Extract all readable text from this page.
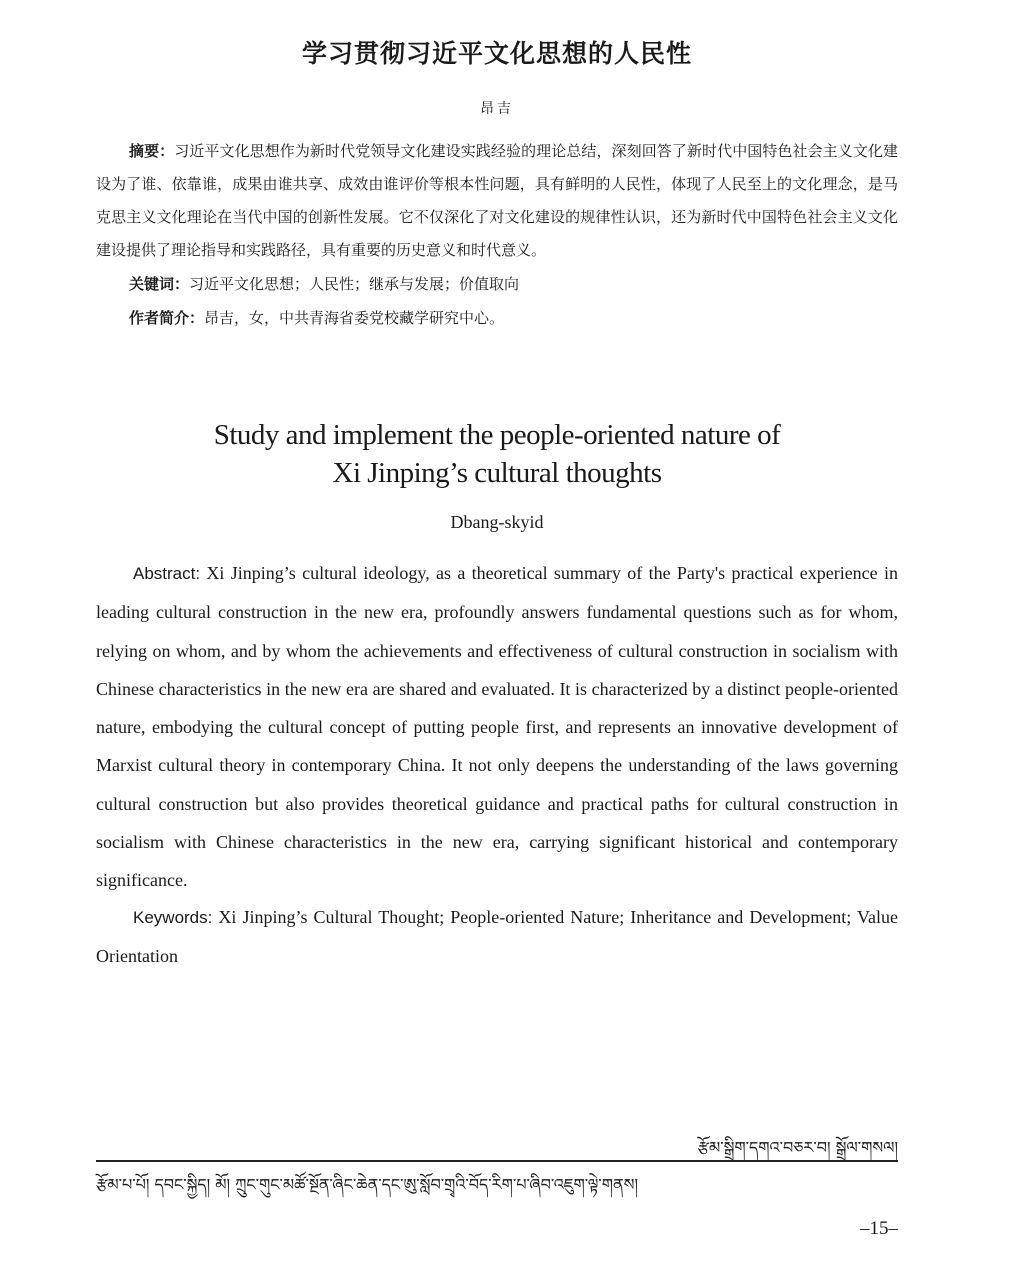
学习贯彻习近平文化思想的人民性
昂吉
摘要：习近平文化思想作为新时代党领导文化建设实践经验的理论总结，深刻回答了新时代中国特色社会主义文化建设为了谁、依靠谁，成果由谁共享、成效由谁评价等根本性问题，具有鲜明的人民性，体现了人民至上的文化理念，是马克思主义文化理论在当代中国的创新性发展。它不仅深化了对文化建设的规律性认识，还为新时代中国特色社会主义文化建设提供了理论指导和实践路径，具有重要的历史意义和时代意义。
关键词：习近平文化思想；人民性；继承与发展；价值取向
作者简介：昂吉，女，中共青海省委党校藏学研究中心。
Study and implement the people-oriented nature of
Xi Jinping’s cultural thoughts
Dbang-skyid
Abstract: Xi Jinping’s cultural ideology, as a theoretical summary of the Party's practical experience in leading cultural construction in the new era, profoundly answers fundamental questions such as for whom, relying on whom, and by whom the achievements and effectiveness of cultural construction in socialism with Chinese characteristics in the new era are shared and evaluated. It is characterized by a distinct people-oriented nature, embodying the cultural concept of putting people first, and represents an innovative development of Marxist cultural theory in contemporary China. It not only deepens the understanding of the laws governing cultural construction but also provides theoretical guidance and practical paths for cultural construction in socialism with Chinese characteristics in the new era, carrying significant historical and contemporary significance.
Keywords: Xi Jinping’s Cultural Thought; People-oriented Nature; Inheritance and Development; Value Orientation
རྩོམ་སྒྲིག་དགའ་བཅར་བ། སྒྲོལ་གསལ།
རྩོམ་པ་པོ། དབང་སྐྱིད། མོ། ཀྲུང་གུང་མཚོ་སྔོན་ཞིང་ཆེན་དང་ཨུ་སློབ་གྲྭའི་བོད་རིག་པ་ཞིབ་འཇུག་ལྟེ་གནས།
–15–
